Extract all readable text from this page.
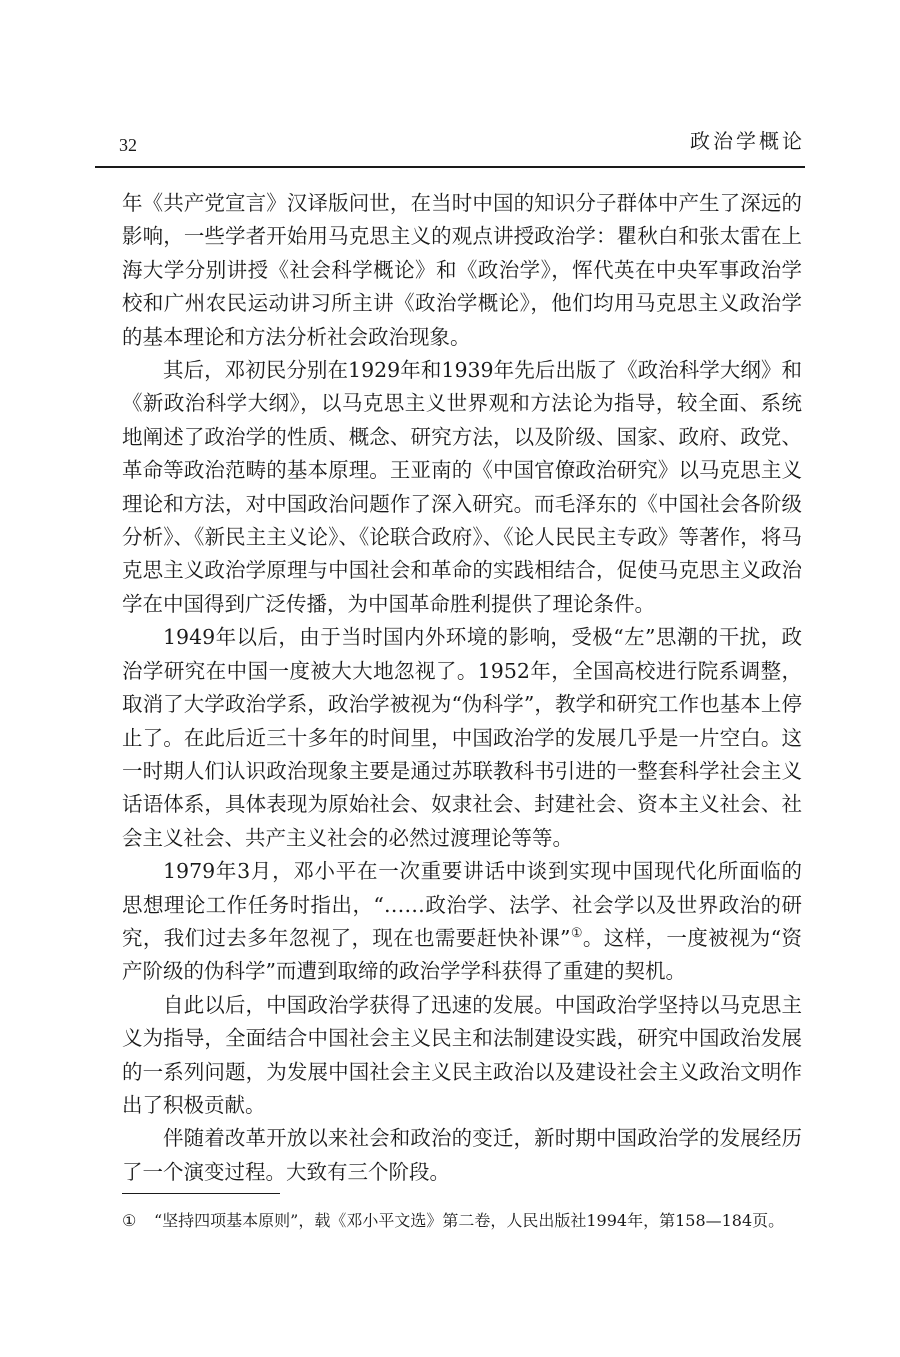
32	政治学概论

年《共产党宣言》汉译版问世，在当时中国的知识分子群体中产生了深远的影响，一些学者开始用马克思主义的观点讲授政治学：瞿秋白和张太雷在上海大学分别讲授《社会科学概论》和《政治学》，恽代英在中央军事政治学校和广州农民运动讲习所主讲《政治学概论》，他们均用马克思主义政治学的基本理论和方法分析社会政治现象。

其后，邓初民分别在1929年和1939年先后出版了《政治科学大纲》和《新政治科学大纲》，以马克思主义世界观和方法论为指导，较全面、系统地阐述了政治学的性质、概念、研究方法，以及阶级、国家、政府、政党、革命等政治范畴的基本原理。王亚南的《中国官僚政治研究》以马克思主义理论和方法，对中国政治问题作了深入研究。而毛泽东的《中国社会各阶级分析》、《新民主主义论》、《论联合政府》、《论人民民主专政》等著作，将马克思主义政治学原理与中国社会和革命的实践相结合，促使马克思主义政治学在中国得到广泛传播，为中国革命胜利提供了理论条件。

1949年以后，由于当时国内外环境的影响，受极“左”思潮的干扰，政治学研究在中国一度被大大地忽视了。1952年，全国高校进行院系调整，取消了大学政治学系，政治学被视为“伪科学”，教学和研究工作也基本上停止了。在此后近三十多年的时间里，中国政治学的发展几乎是一片空白。这一时期人们认识政治现象主要是通过苏联教科书引进的一整套科学社会主义话语体系，具体表现为原始社会、奴隶社会、封建社会、资本主义社会、社会主义社会、共产主义社会的必然过渡理论等等。

1979年3月，邓小平在一次重要讲话中谈到实现中国现代化所面临的思想理论工作任务时指出，“……政治学、法学、社会学以及世界政治的研究，我们过去多年忽视了，现在也需要赶快补课”①。这样，一度被视为“资产阶级的伪科学”而遭到取缔的政治学学科获得了重建的契机。

自此以后，中国政治学获得了迅速的发展。中国政治学坚持以马克思主义为指导，全面结合中国社会主义民主和法制建设实践，研究中国政治发展的一系列问题，为发展中国社会主义民主政治以及建设社会主义政治文明作出了积极贡献。

伴随着改革开放以来社会和政治的变迁，新时期中国政治学的发展经历了一个演变过程。大致有三个阶段。

① “坚持四项基本原则”，载《邓小平文选》第二卷，人民出版社1994年，第158—184页。
